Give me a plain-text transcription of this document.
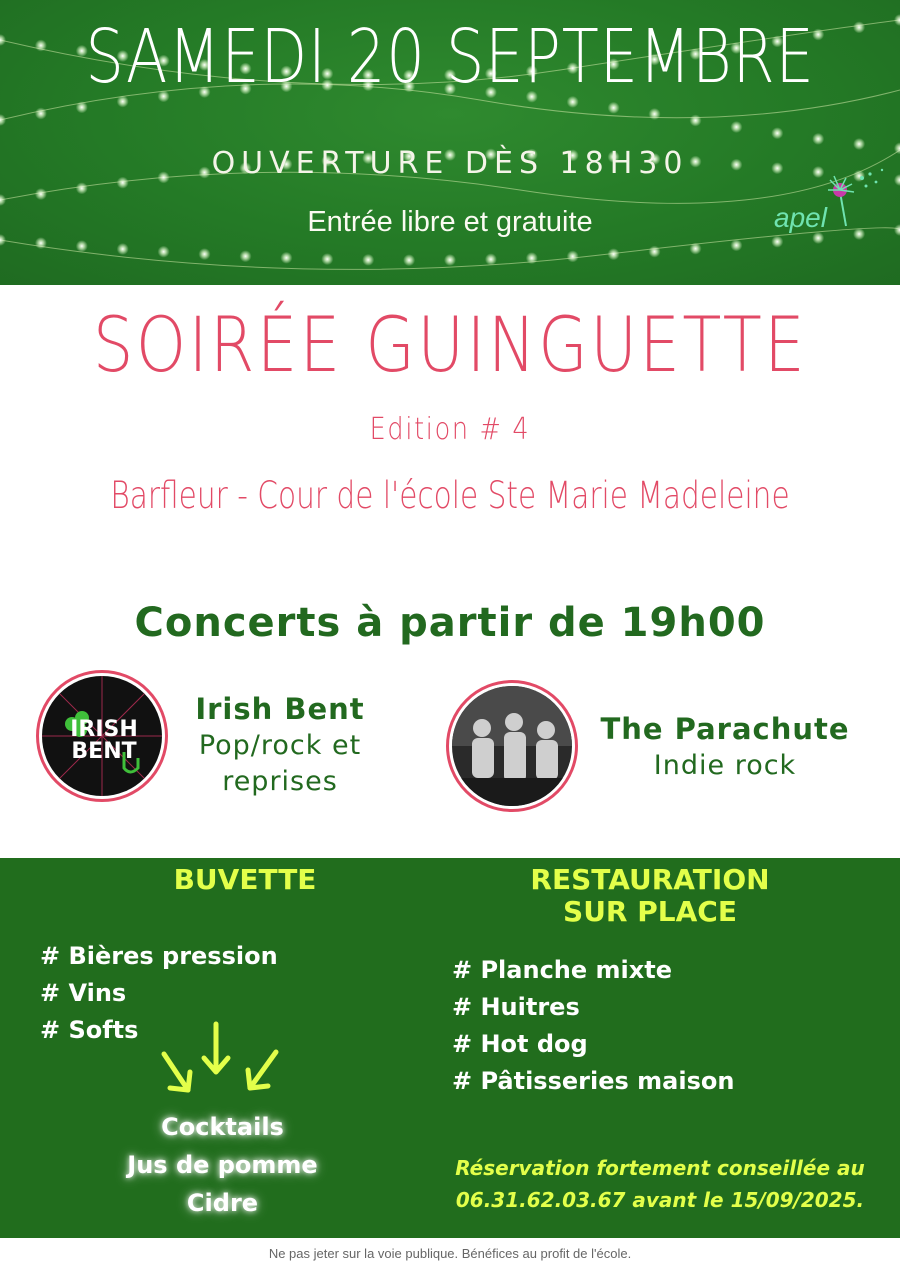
SAMEDI 20 SEPTEMBRE
OUVERTURE DÈS 18H30
Entrée libre et gratuite	apel
SOIRÉE GUINGUETTE
Edition # 4
Barfleur - Cour de l'école Ste Marie Madeleine
Concerts à partir de 19h00
IRISH
BENT
Irish Bent
Pop/rock et
reprises
The Parachute
Indie rock
BUVETTE	RESTAURATION
SUR PLACE
# Bières pression
# Vins
# Softs
Cocktails
Jus de pomme
Cidre
# Planche mixte
# Huitres
# Hot dog
# Pâtisseries maison
Réservation fortement conseillée au
06.31.62.03.67 avant le 15/09/2025.
Ne pas jeter sur la voie publique. Bénéfices au profit de l'école.
